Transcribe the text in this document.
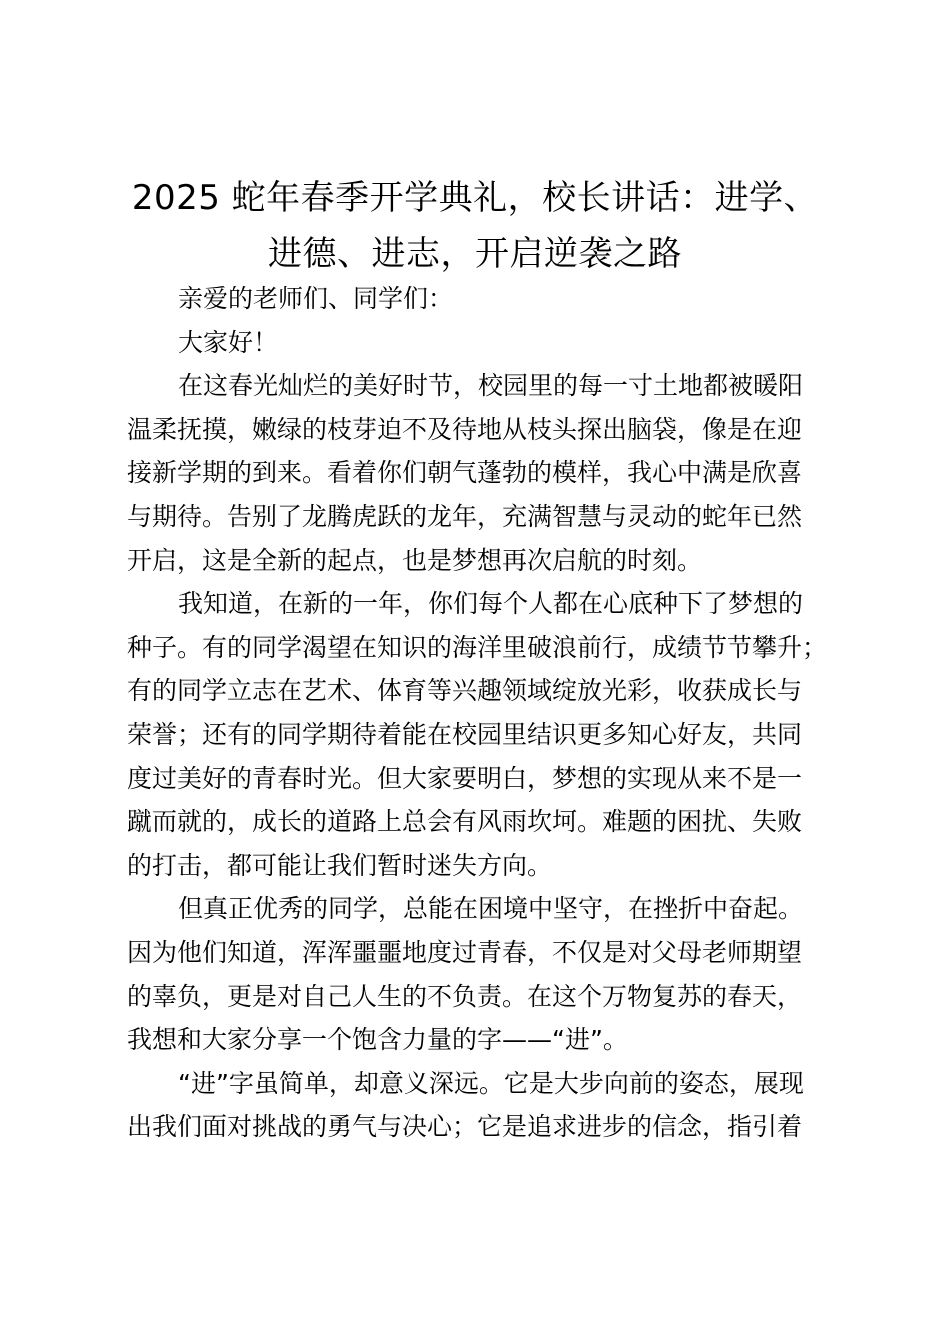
2025 蛇年春季开学典礼，校长讲话：进学、
进德、进志，开启逆袭之路
亲爱的老师们、同学们：
大家好！
在这春光灿烂的美好时节，校园里的每一寸土地都被暖阳
温柔抚摸，嫩绿的枝芽迫不及待地从枝头探出脑袋，像是在迎
接新学期的到来。看着你们朝气蓬勃的模样，我心中满是欣喜
与期待。告别了龙腾虎跃的龙年，充满智慧与灵动的蛇年已然
开启，这是全新的起点，也是梦想再次启航的时刻。
我知道，在新的一年，你们每个人都在心底种下了梦想的
种子。有的同学渴望在知识的海洋里破浪前行，成绩节节攀升；
有的同学立志在艺术、体育等兴趣领域绽放光彩，收获成长与
荣誉；还有的同学期待着能在校园里结识更多知心好友，共同
度过美好的青春时光。但大家要明白，梦想的实现从来不是一
蹴而就的，成长的道路上总会有风雨坎坷。难题的困扰、失败
的打击，都可能让我们暂时迷失方向。
但真正优秀的同学，总能在困境中坚守，在挫折中奋起。
因为他们知道，浑浑噩噩地度过青春，不仅是对父母老师期望
的辜负，更是对自己人生的不负责。在这个万物复苏的春天，
我想和大家分享一个饱含力量的字——“进”。
“进”字虽简单，却意义深远。它是大步向前的姿态，展现
出我们面对挑战的勇气与决心；它是追求进步的信念，指引着
